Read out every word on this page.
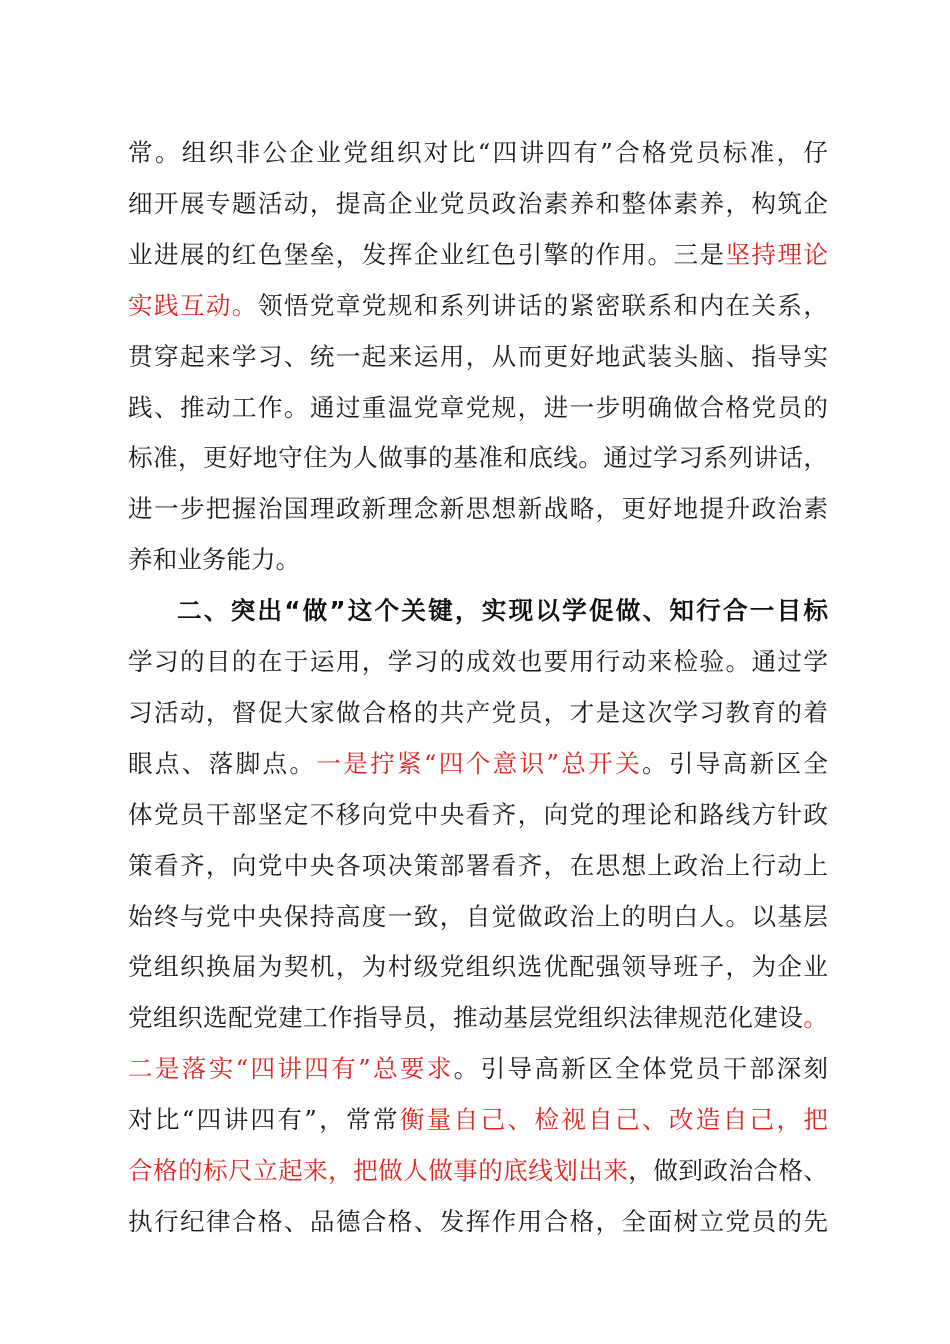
常。组织非公企业党组织对比“四讲四有”合格党员标准，仔
细开展专题活动，提高企业党员政治素养和整体素养，构筑企
业进展的红色堡垒，发挥企业红色引擎的作用。三是坚持理论
实践互动。领悟党章党规和系列讲话的紧密联系和内在关系，
贯穿起来学习、统一起来运用，从而更好地武装头脑、指导实
践、推动工作。通过重温党章党规，进一步明确做合格党员的
标准，更好地守住为人做事的基准和底线。通过学习系列讲话，
进一步把握治国理政新理念新思想新战略，更好地提升政治素
养和业务能力。
二、突出“做”这个关键，实现以学促做、知行合一目标
学习的目的在于运用，学习的成效也要用行动来检验。通过学
习活动，督促大家做合格的共产党员，才是这次学习教育的着
眼点、落脚点。一是拧紧“四个意识”总开关。引导高新区全
体党员干部坚定不移向党中央看齐，向党的理论和路线方针政
策看齐，向党中央各项决策部署看齐，在思想上政治上行动上
始终与党中央保持高度一致，自觉做政治上的明白人。以基层
党组织换届为契机，为村级党组织选优配强领导班子，为企业
党组织选配党建工作指导员，推动基层党组织法律规范化建设。
二是落实“四讲四有”总要求。引导高新区全体党员干部深刻
对比“四讲四有”，常常衡量自己、检视自己、改造自己，把
合格的标尺立起来，把做人做事的底线划出来，做到政治合格、
执行纪律合格、品德合格、发挥作用合格，全面树立党员的先
